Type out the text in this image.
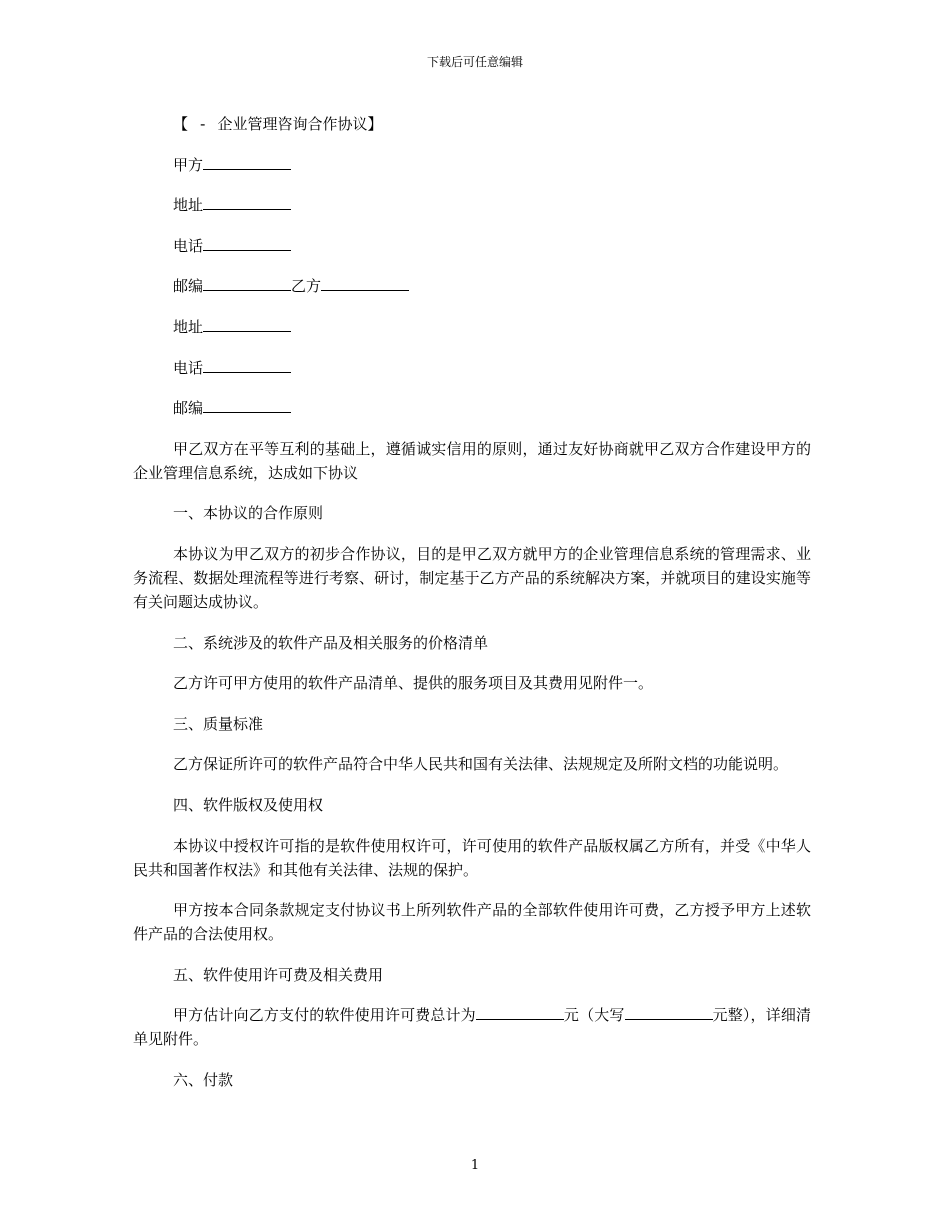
下载后可任意编辑
【 - 企业管理咨询合作协议】

甲方

地址

电话

邮编	乙方

地址

电话

邮编

甲乙双方在平等互利的基础上，遵循诚实信用的原则，通过友好协商就甲乙双方合作建设甲方的企业管理信息系统，达成如下协议

一、本协议的合作原则

本协议为甲乙双方的初步合作协议，目的是甲乙双方就甲方的企业管理信息系统的管理需求、业务流程、数据处理流程等进行考察、研讨，制定基于乙方产品的系统解决方案，并就项目的建设实施等有关问题达成协议。

二、系统涉及的软件产品及相关服务的价格清单

乙方许可甲方使用的软件产品清单、提供的服务项目及其费用见附件一。

三、质量标准

乙方保证所许可的软件产品符合中华人民共和国有关法律、法规规定及所附文档的功能说明。

四、软件版权及使用权

本协议中授权许可指的是软件使用权许可，许可使用的软件产品版权属乙方所有，并受《中华人民共和国著作权法》和其他有关法律、法规的保护。

甲方按本合同条款规定支付协议书上所列软件产品的全部软件使用许可费，乙方授予甲方上述软件产品的合法使用权。

五、软件使用许可费及相关费用

甲方估计向乙方支付的软件使用许可费总计为	元（大写	元整），详细清单见附件。

六、付款

1
